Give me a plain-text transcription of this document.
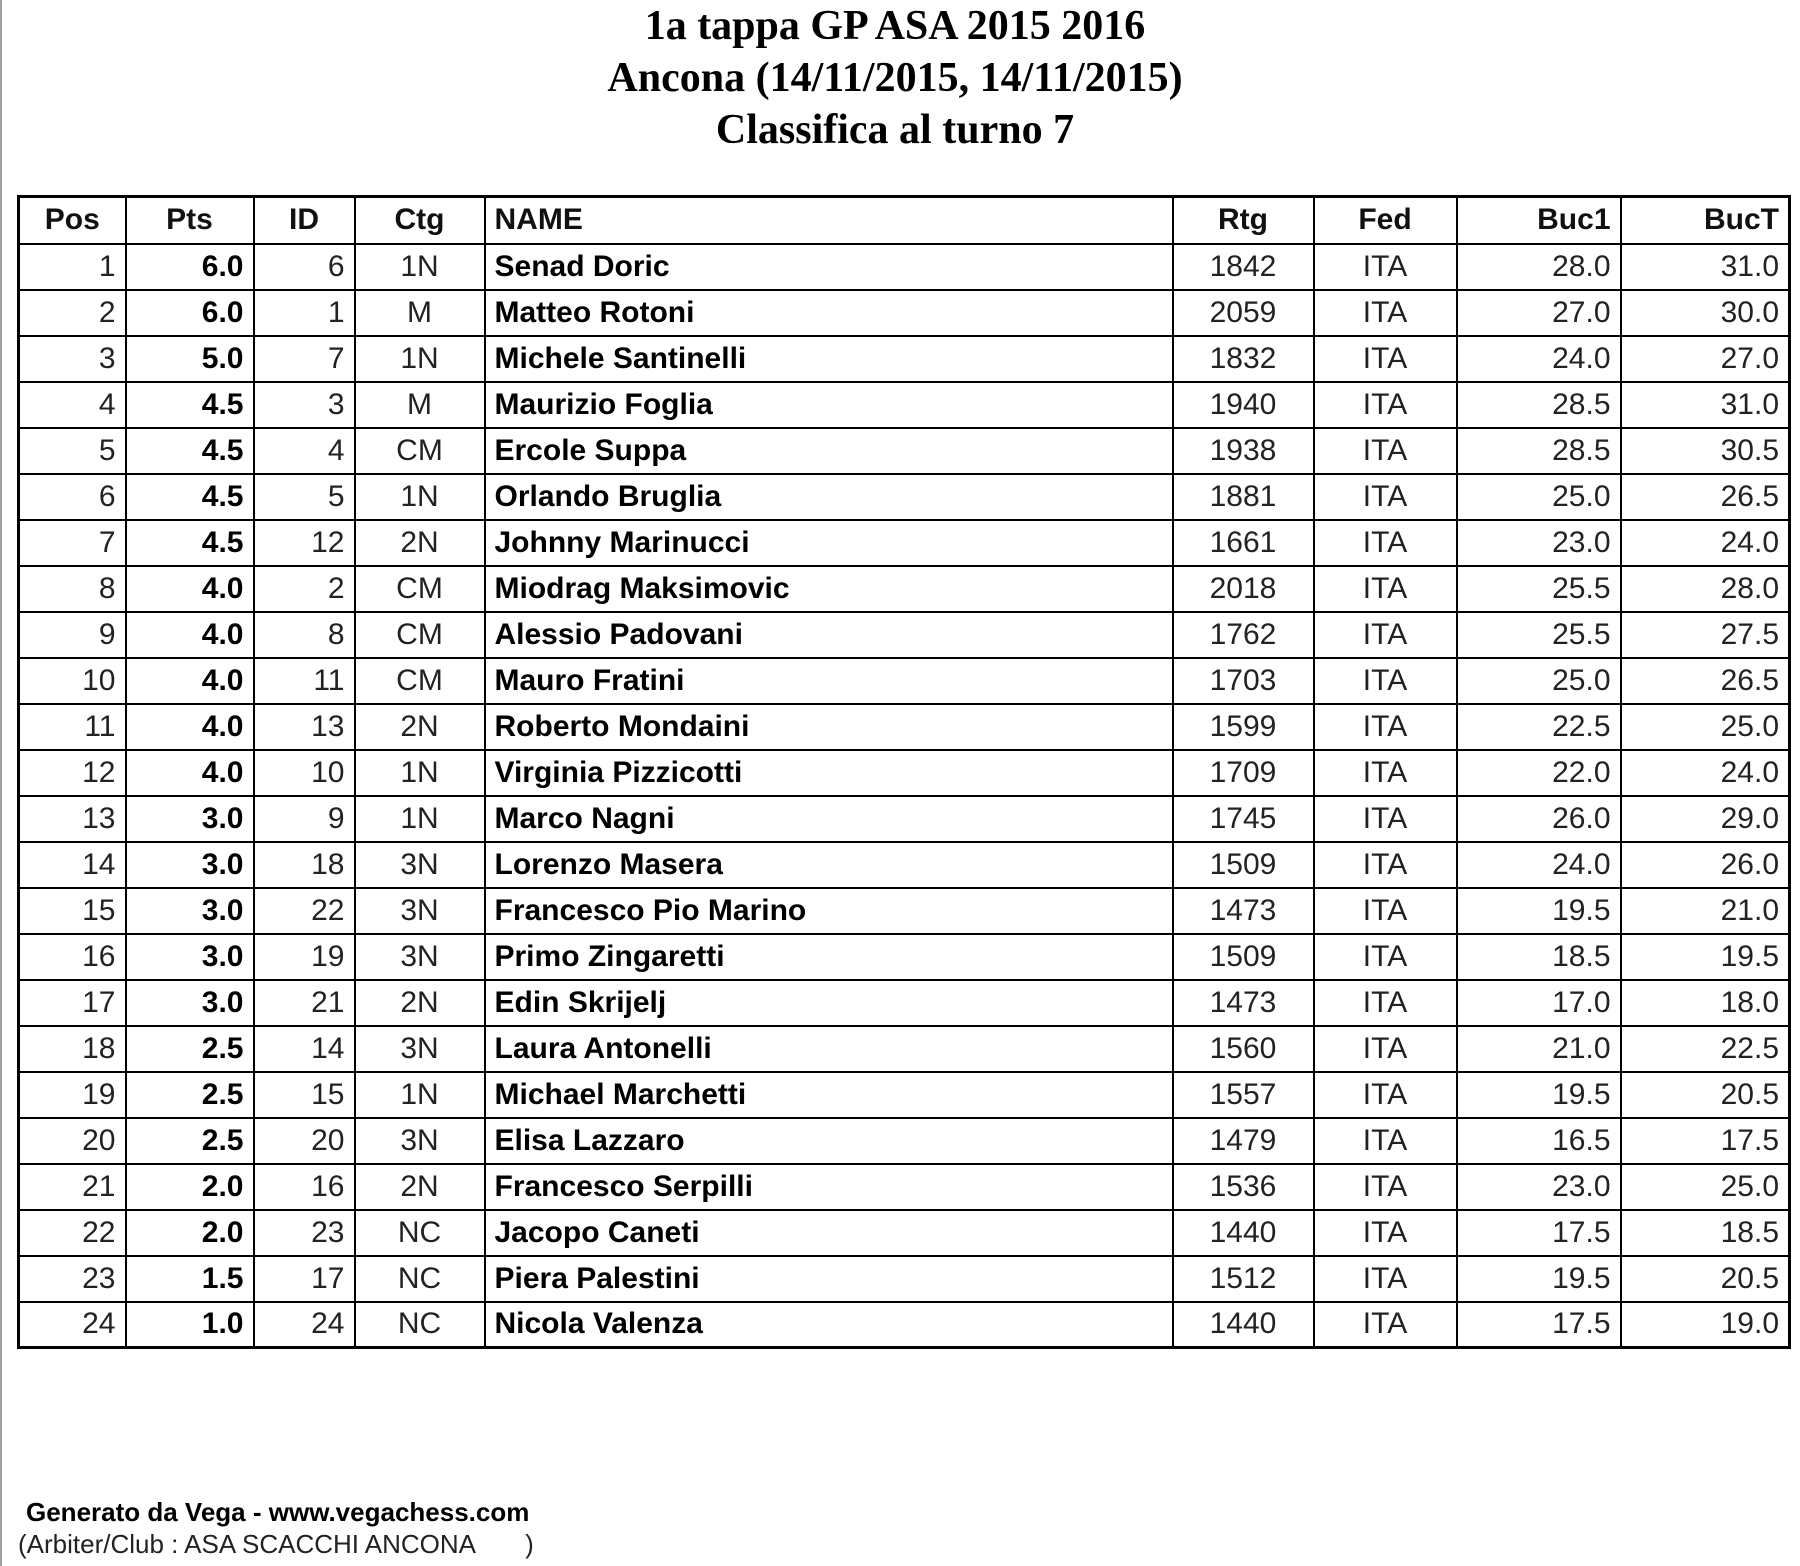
1a tappa GP ASA 2015 2016
Ancona (14/11/2015, 14/11/2015)
Classifica al turno 7
Pos	Pts	ID	Ctg	NAME	Rtg	Fed	Buc1	BucT
1	6.0	6	1N	Senad Doric	1842	ITA	28.0	31.0
2	6.0	1	M	Matteo Rotoni	2059	ITA	27.0	30.0
3	5.0	7	1N	Michele Santinelli	1832	ITA	24.0	27.0
4	4.5	3	M	Maurizio Foglia	1940	ITA	28.5	31.0
5	4.5	4	CM	Ercole Suppa	1938	ITA	28.5	30.5
6	4.5	5	1N	Orlando Bruglia	1881	ITA	25.0	26.5
7	4.5	12	2N	Johnny Marinucci	1661	ITA	23.0	24.0
8	4.0	2	CM	Miodrag Maksimovic	2018	ITA	25.5	28.0
9	4.0	8	CM	Alessio Padovani	1762	ITA	25.5	27.5
10	4.0	11	CM	Mauro Fratini	1703	ITA	25.0	26.5
11	4.0	13	2N	Roberto Mondaini	1599	ITA	22.5	25.0
12	4.0	10	1N	Virginia Pizzicotti	1709	ITA	22.0	24.0
13	3.0	9	1N	Marco Nagni	1745	ITA	26.0	29.0
14	3.0	18	3N	Lorenzo Masera	1509	ITA	24.0	26.0
15	3.0	22	3N	Francesco Pio Marino	1473	ITA	19.5	21.0
16	3.0	19	3N	Primo Zingaretti	1509	ITA	18.5	19.5
17	3.0	21	2N	Edin Skrijelj	1473	ITA	17.0	18.0
18	2.5	14	3N	Laura Antonelli	1560	ITA	21.0	22.5
19	2.5	15	1N	Michael Marchetti	1557	ITA	19.5	20.5
20	2.5	20	3N	Elisa Lazzaro	1479	ITA	16.5	17.5
21	2.0	16	2N	Francesco Serpilli	1536	ITA	23.0	25.0
22	2.0	23	NC	Jacopo Caneti	1440	ITA	17.5	18.5
23	1.5	17	NC	Piera Palestini	1512	ITA	19.5	20.5
24	1.0	24	NC	Nicola Valenza	1440	ITA	17.5	19.0
Generato da Vega - www.vegachess.com
(Arbiter/Club : ASA SCACCHI ANCONA       )
